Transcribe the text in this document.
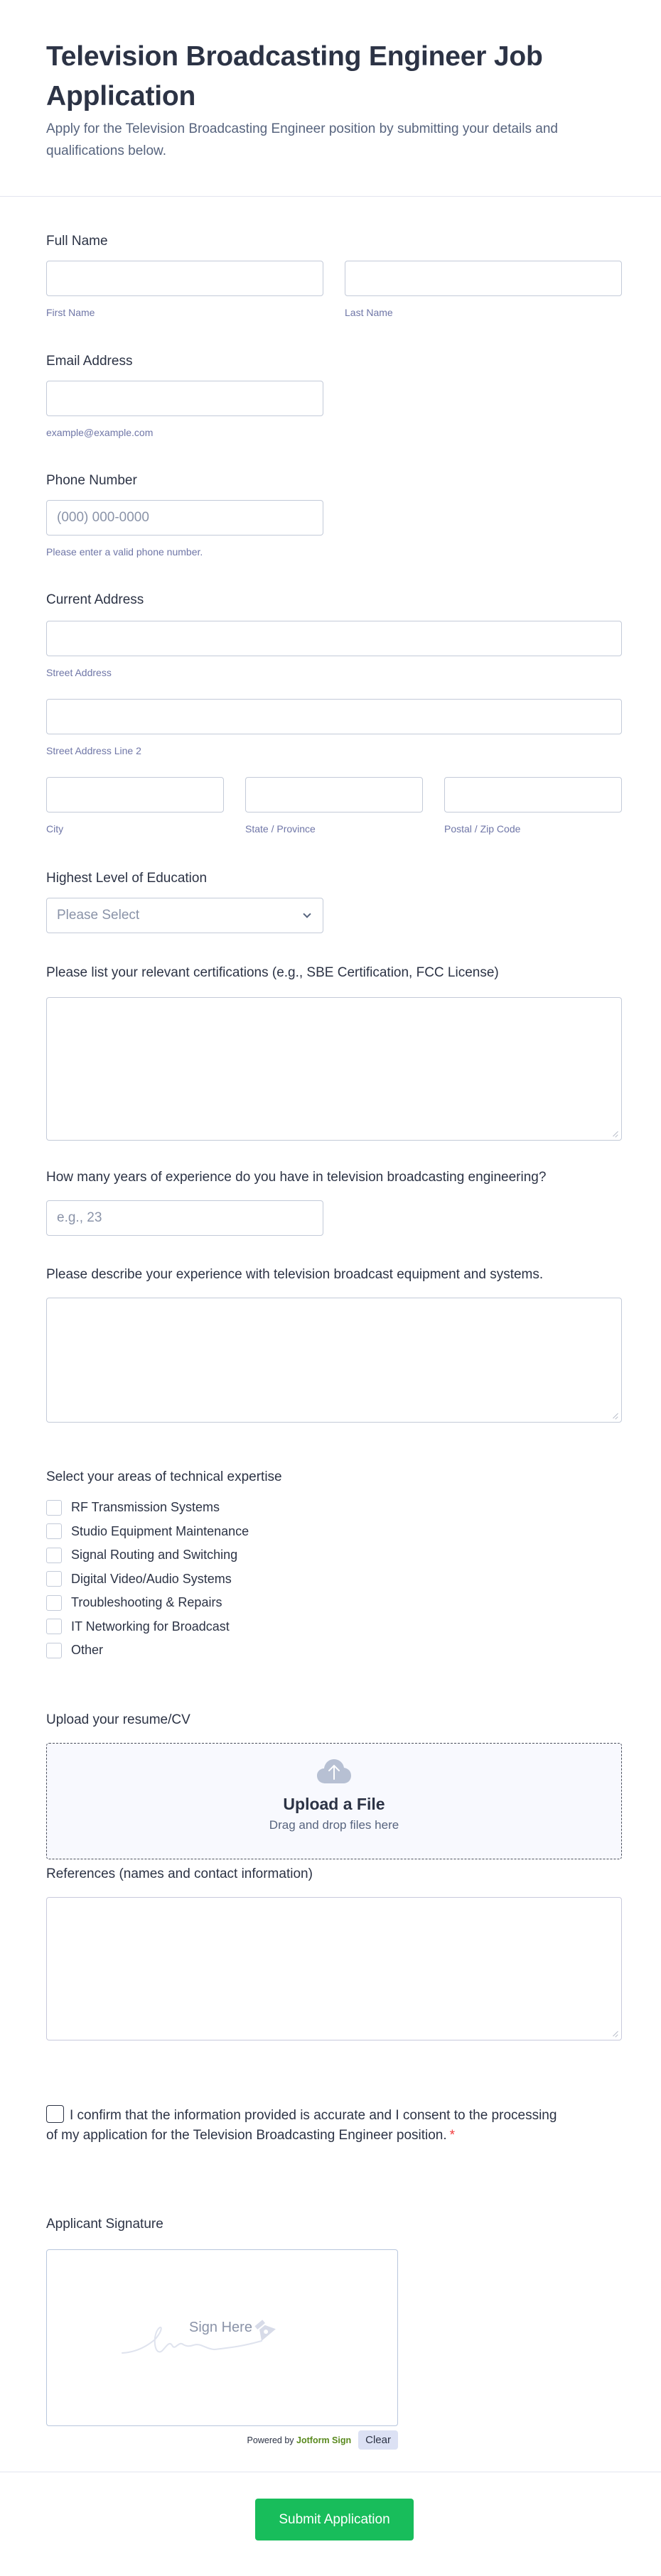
Television Broadcasting Engineer Job Application

Apply for the Television Broadcasting Engineer position by submitting your details and qualifications below.

Full Name
First Name	Last Name
Email Address
example@example.com
Phone Number
(000) 000-0000
Please enter a valid phone number.
Current Address
Street Address
Street Address Line 2
City	State / Province	Postal / Zip Code
Highest Level of Education
Please Select
Please list your relevant certifications (e.g., SBE Certification, FCC License)
How many years of experience do you have in television broadcasting engineering?
e.g., 23
Please describe your experience with television broadcast equipment and systems.
Select your areas of technical expertise
RF Transmission Systems
Studio Equipment Maintenance
Signal Routing and Switching
Digital Video/Audio Systems
Troubleshooting & Repairs
IT Networking for Broadcast
Other
Upload your resume/CV
Upload a File
Drag and drop files here
References (names and contact information)
I confirm that the information provided is accurate and I consent to the processing of my application for the Television Broadcasting Engineer position. *
Applicant Signature
Sign Here
Powered by Jotform Sign	Clear
Submit Application
